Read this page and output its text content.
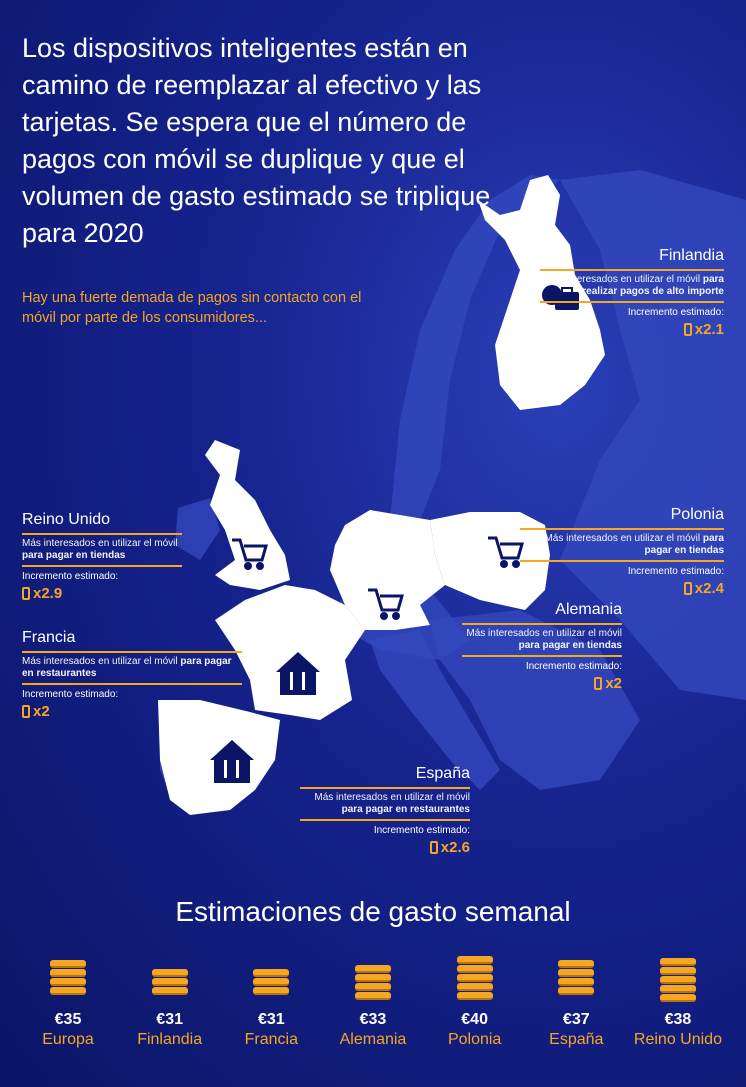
Los dispositivos inteligentes están en camino de reemplazar al efectivo y las tarjetas. Se espera que el número de pagos con móvil se duplique y que el volumen de gasto estimado se triplique para 2020
Hay una fuerte demada de pagos sin contacto con el móvil por parte de los consumidores...
Finlandia
Más interesados en utilizar el móvil para realizar pagos de alto importe
Incremento estimado:
x2.1
Reino Unido
Más interesados en utilizar el móvil para pagar en tiendas
Incremento estimado:
x2.9
Polonia
Más interesados en utilizar el móvil para pagar en tiendas
Incremento estimado:
x2.4
Alemania
Más interesados en utilizar el móvil para pagar en tiendas
Incremento estimado:
x2
Francia
Más interesados en utilizar el móvil para pagar en restaurantes
Incremento estimado:
x2
España
Más interesados en utilizar el móvil para pagar en restaurantes
Incremento estimado:
x2.6
Estimaciones de gasto semanal
€35
Europa
€31
Finlandia
€31
Francia
€33
Alemania
€40
Polonia
€37
España
€38
Reino Unido
